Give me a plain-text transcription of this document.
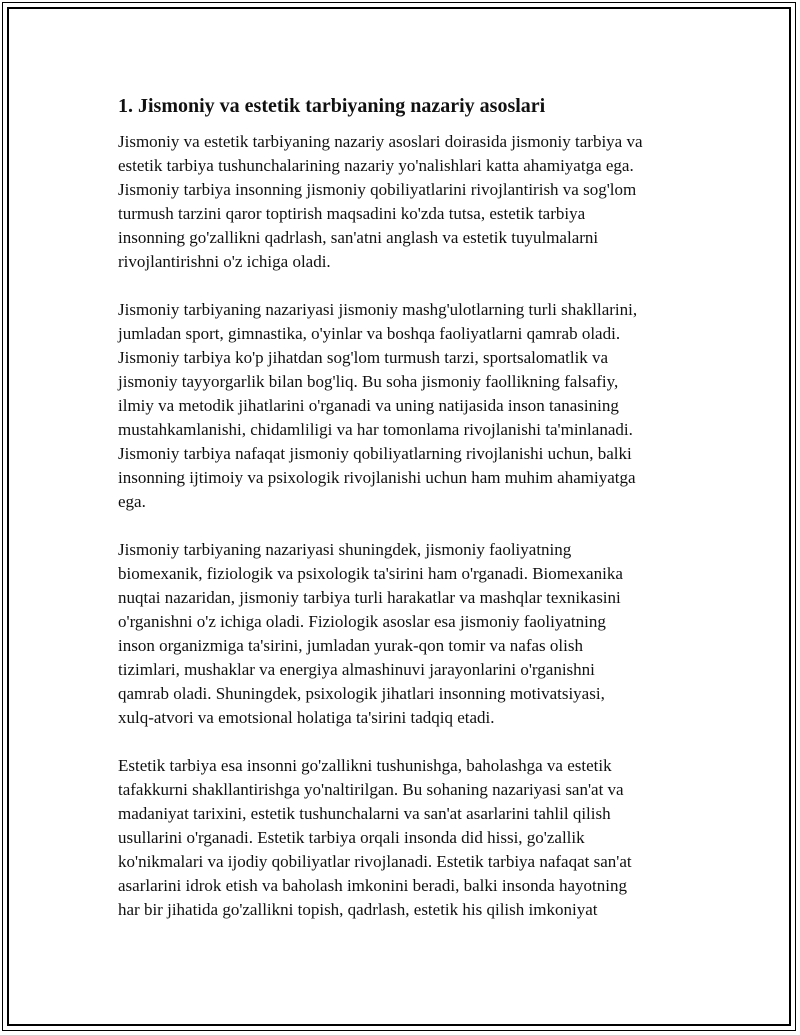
1. Jismoniy va estetik tarbiyaning nazariy asoslari
Jismoniy va estetik tarbiyaning nazariy asoslari doirasida jismoniy tarbiya va
estetik tarbiya tushunchalarining nazariy yo'nalishlari katta ahamiyatga ega.
Jismoniy tarbiya insonning jismoniy qobiliyatlarini rivojlantirish va sog'lom
turmush tarzini qaror toptirish maqsadini ko'zda tutsa, estetik tarbiya
insonning go'zallikni qadrlash, san'atni anglash va estetik tuyulmalarni
rivojlantirishni o'z ichiga oladi.
Jismoniy tarbiyaning nazariyasi jismoniy mashg'ulotlarning turli shakllarini,
jumladan sport, gimnastika, o'yinlar va boshqa faoliyatlarni qamrab oladi.
Jismoniy tarbiya ko'p jihatdan sog'lom turmush tarzi, sportsalomatlik va
jismoniy tayyorgarlik bilan bog'liq. Bu soha jismoniy faollikning falsafiy,
ilmiy va metodik jihatlarini o'rganadi va uning natijasida inson tanasining
mustahkamlanishi, chidamliligi va har tomonlama rivojlanishi ta'minlanadi.
Jismoniy tarbiya nafaqat jismoniy qobiliyatlarning rivojlanishi uchun, balki
insonning ijtimoiy va psixologik rivojlanishi uchun ham muhim ahamiyatga
ega.
Jismoniy tarbiyaning nazariyasi shuningdek, jismoniy faoliyatning
biomexanik, fiziologik va psixologik ta'sirini ham o'rganadi. Biomexanika
nuqtai nazaridan, jismoniy tarbiya turli harakatlar va mashqlar texnikasini
o'rganishni o'z ichiga oladi. Fiziologik asoslar esa jismoniy faoliyatning
inson organizmiga ta'sirini, jumladan yurak-qon tomir va nafas olish
tizimlari, mushaklar va energiya almashinuvi jarayonlarini o'rganishni
qamrab oladi. Shuningdek, psixologik jihatlari insonning motivatsiyasi,
xulq-atvori va emotsional holatiga ta'sirini tadqiq etadi.
Estetik tarbiya esa insonni go'zallikni tushunishga, baholashga va estetik
tafakkurni shakllantirishga yo'naltirilgan. Bu sohaning nazariyasi san'at va
madaniyat tarixini, estetik tushunchalarni va san'at asarlarini tahlil qilish
usullarini o'rganadi. Estetik tarbiya orqali insonda did hissi, go'zallik
ko'nikmalari va ijodiy qobiliyatlar rivojlanadi. Estetik tarbiya nafaqat san'at
asarlarini idrok etish va baholash imkonini beradi, balki insonda hayotning
har bir jihatida go'zallikni topish, qadrlash, estetik his qilish imkoniyat
